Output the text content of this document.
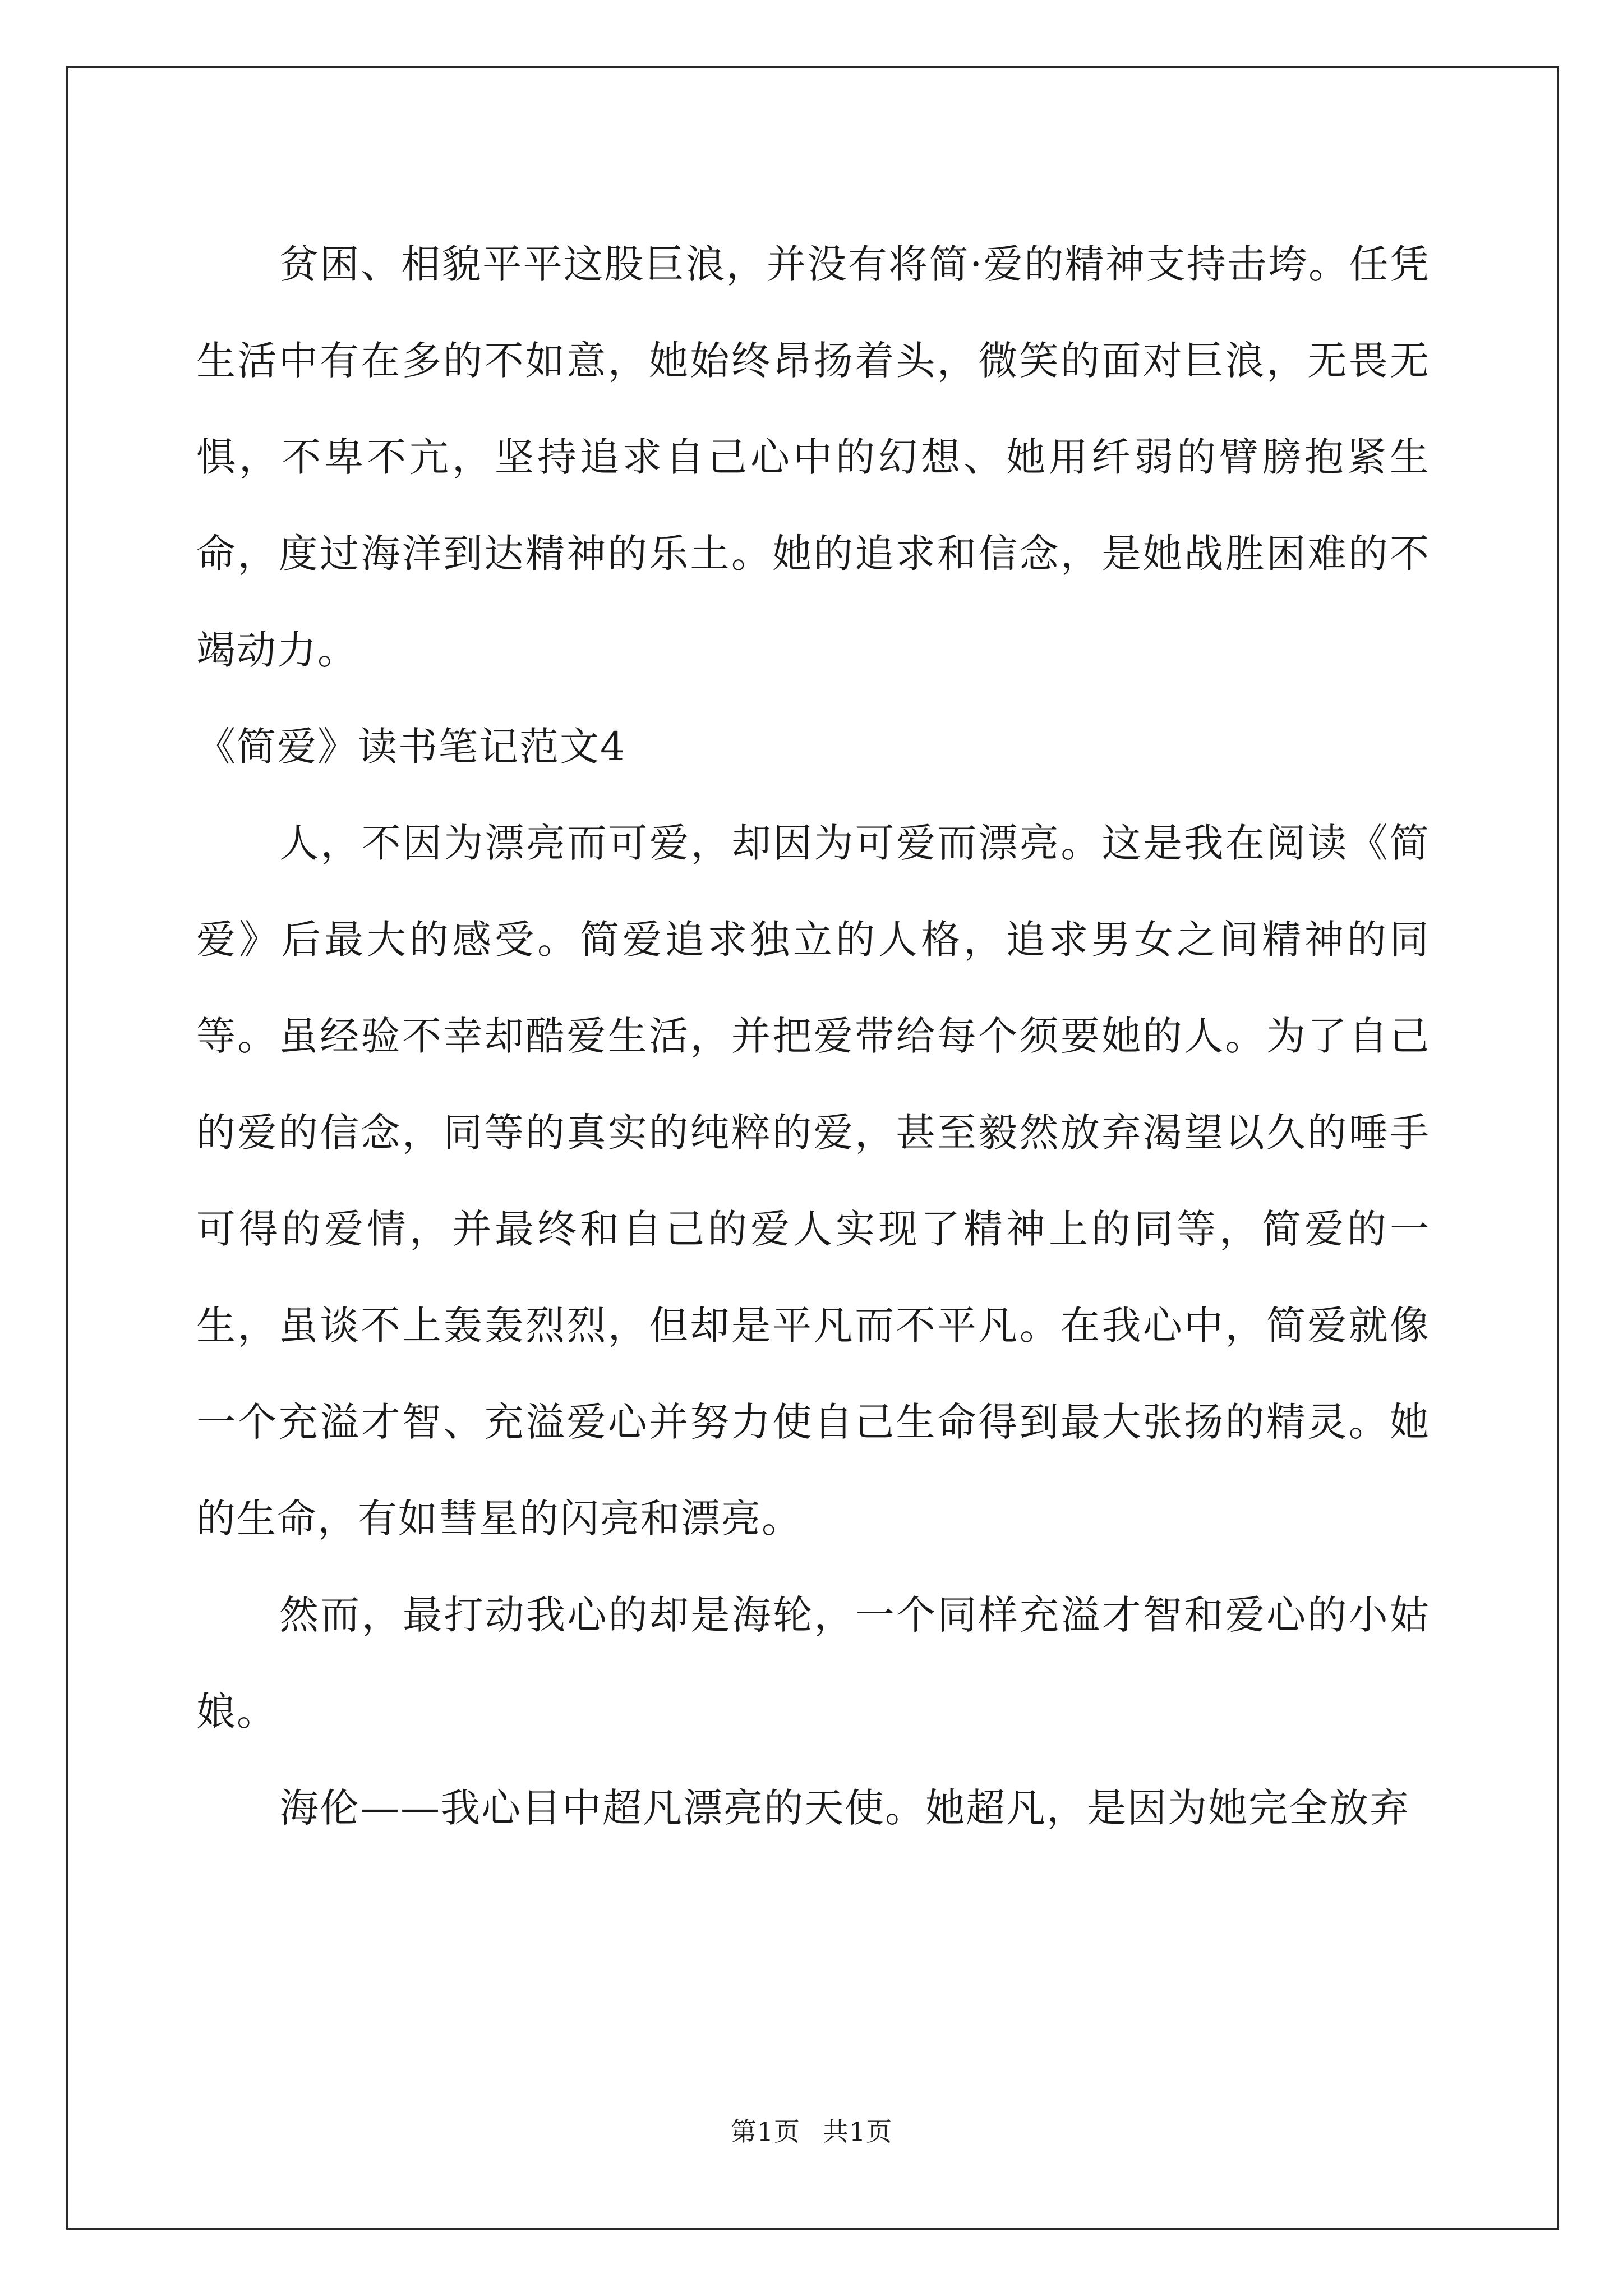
贫困、相貌平平这股巨浪，并没有将简·爱的精神支持击垮。任凭生活中有在多的不如意，她始终昂扬着头，微笑的面对巨浪，无畏无惧，不卑不亢，坚持追求自己心中的幻想、她用纤弱的臂膀抱紧生命，度过海洋到达精神的乐土。她的追求和信念，是她战胜困难的不竭动力。

《简爱》读书笔记范文4

人，不因为漂亮而可爱，却因为可爱而漂亮。这是我在阅读《简爱》后最大的感受。简爱追求独立的人格，追求男女之间精神的同等。虽经验不幸却酷爱生活，并把爱带给每个须要她的人。为了自己的爱的信念，同等的真实的纯粹的爱，甚至毅然放弃渴望以久的唾手可得的爱情，并最终和自己的爱人实现了精神上的同等，简爱的一生，虽谈不上轰轰烈烈，但却是平凡而不平凡。在我心中，简爱就像一个充溢才智、充溢爱心并努力使自己生命得到最大张扬的精灵。她的生命，有如彗星的闪亮和漂亮。

然而，最打动我心的却是海轮，一个同样充溢才智和爱心的小姑娘。

海伦——我心目中超凡漂亮的天使。她超凡，是因为她完全放弃

第1页 共1页
